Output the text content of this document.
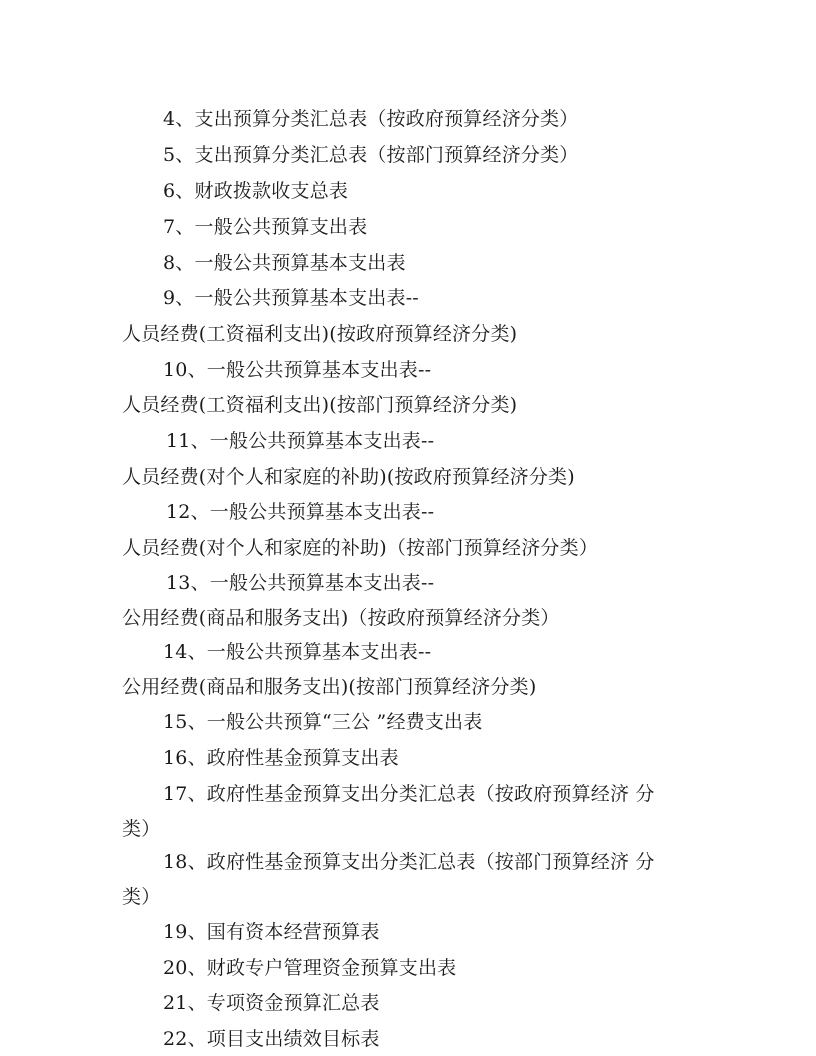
4、支出预算分类汇总表（按政府预算经济分类）
5、支出预算分类汇总表（按部门预算经济分类）
6、财政拨款收支总表
7、一般公共预算支出表
8、一般公共预算基本支出表
9、一般公共预算基本支出表--
人员经费(工资福利支出)(按政府预算经济分类)
10、一般公共预算基本支出表--
人员经费(工资福利支出)(按部门预算经济分类)
11、一般公共预算基本支出表--
人员经费(对个人和家庭的补助)(按政府预算经济分类)
12、一般公共预算基本支出表--
人员经费(对个人和家庭的补助)（按部门预算经济分类）
13、一般公共预算基本支出表--
公用经费(商品和服务支出)（按政府预算经济分类）
14、一般公共预算基本支出表--
公用经费(商品和服务支出)(按部门预算经济分类)
15、一般公共预算“三公 ”经费支出表
16、政府性基金预算支出表
17、政府性基金预算支出分类汇总表（按政府预算经济 分
类）
18、政府性基金预算支出分类汇总表（按部门预算经济 分
类）
19、国有资本经营预算表
20、财政专户管理资金预算支出表
21、专项资金预算汇总表
22、项目支出绩效目标表
